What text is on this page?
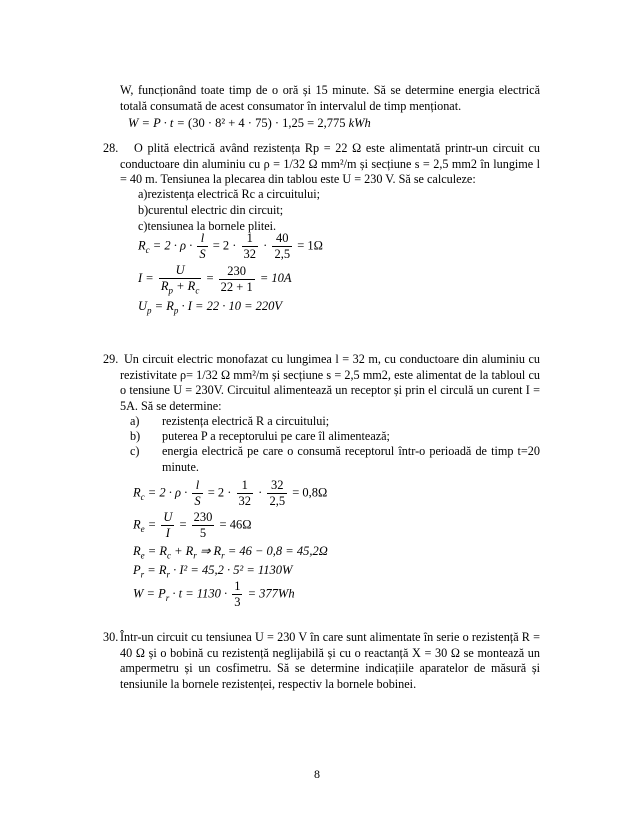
W, funcționând toate timp de o oră și 15 minute. Să se determine energia electrică totală consumată de acest consumator în intervalul de timp menționat.
W = P · t = (30 · 8² + 4 · 75) · 1,25 = 2,775 kWh
28.	O plită electrică având rezistența Rp = 22 Ω este alimentată printr-un circuit cu conductoare din aluminiu cu ρ = 1/32 Ω mm²/m și secțiune s = 2,5 mm2 în lungime l = 40 m. Tensiunea la plecarea din tablou este U = 230 V. Să se calculeze:
a)rezistența electrică Rc a circuitului;
b)curentul electric din circuit;
c)tensiunea la bornele plitei.
$R_c = 2 \cdot \rho \cdot \frac{l}{S} = 2 \cdot \frac{1}{32} \cdot \frac{40}{2,5} = 1\Omega$
$I = \frac{U}{R_p + R_c} = \frac{230}{22 + 1} = 10A$
$U_p = R_p \cdot I = 22 \cdot 10 = 220V$
29. Un circuit electric monofazat cu lungimea l = 32 m, cu conductoare din aluminiu cu rezistivitate ρ= 1/32 Ω mm²/m și secțiune s = 2,5 mm2, este alimentat de la tabloul cu o tensiune U = 230V. Circuitul alimentează un receptor și prin el circulă un curent I = 5A. Să se determine:
a) rezistența electrică R a circuitului;
b) puterea P a receptorului pe care îl alimentează;
c) energia electrică pe care o consumă receptorul într-o perioadă de timp t=20 minute.
$R_c = 2 \cdot \rho \cdot \frac{l}{S} = 2 \cdot \frac{1}{32} \cdot \frac{32}{2,5} = 0,8\Omega$
$R_e = \frac{U}{I} = \frac{230}{5} = 46\Omega$
$R_e = R_c + R_r$ ⇒ $R_r = 46 - 0,8 = 45,2\Omega$
$P_r = R_r \cdot I^2 = 45,2 \cdot 5^2 = 1130W$
$W = P_r \cdot t = 1130 \cdot \frac{1}{3} = 377Wh$
30. Într-un circuit cu tensiunea U = 230 V în care sunt alimentate în serie o rezistență R = 40 Ω și o bobină cu rezistență neglijabilă și cu o reactanță X = 30 Ω se montează un ampermetru și un cosfimetru. Să se determine indicațiile aparatelor de măsură și tensiunile la bornele rezistenței, respectiv la bornele bobinei.
8
